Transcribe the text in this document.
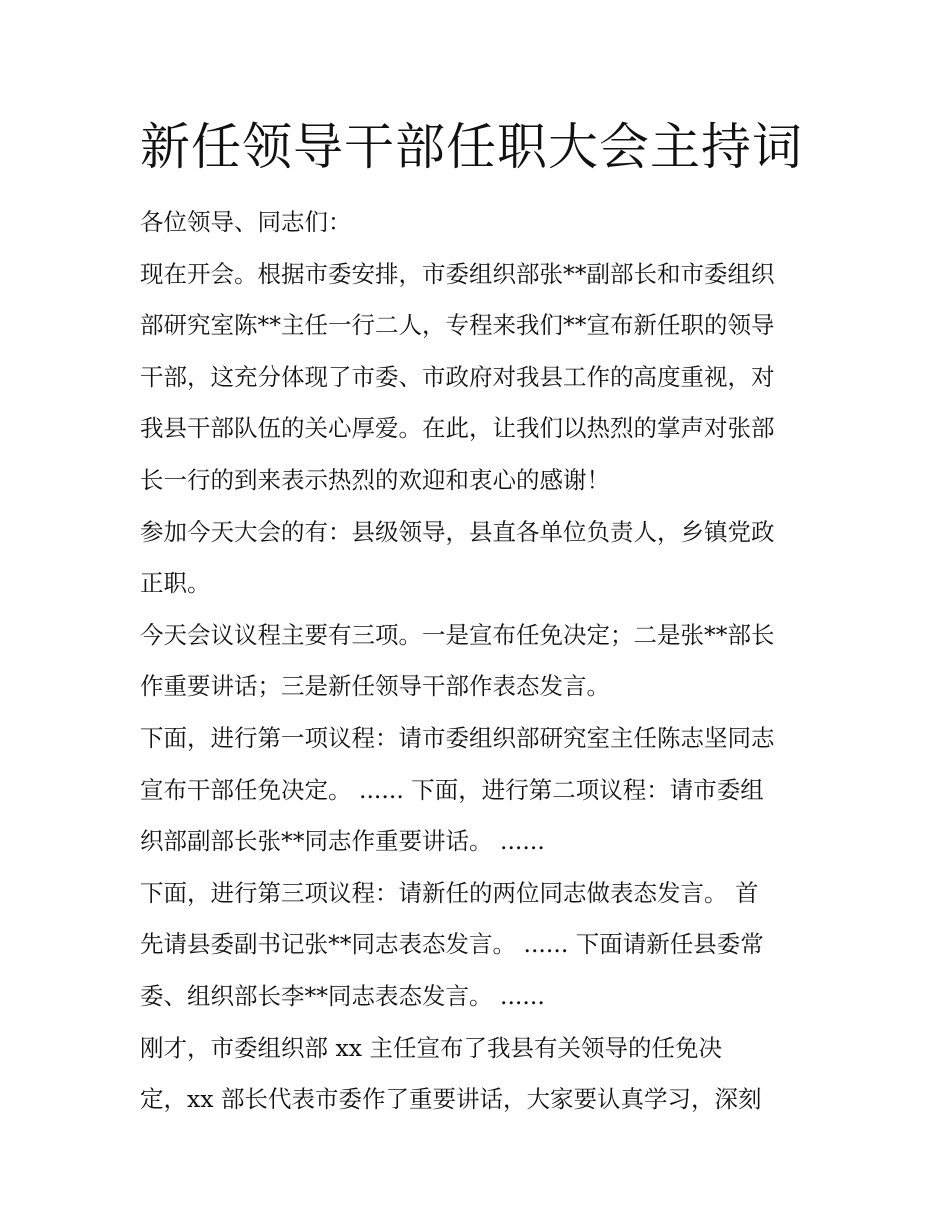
新任领导干部任职大会主持词
各位领导、同志们：
现在开会。根据市委安排，市委组织部张**副部长和市委组织
部研究室陈**主任一行二人，专程来我们**宣布新任职的领导
干部，这充分体现了市委、市政府对我县工作的高度重视，对
我县干部队伍的关心厚爱。在此，让我们以热烈的掌声对张部
长一行的到来表示热烈的欢迎和衷心的感谢！
参加今天大会的有：县级领导，县直各单位负责人，乡镇党政
正职。
今天会议议程主要有三项。一是宣布任免决定；二是张**部长
作重要讲话；三是新任领导干部作表态发言。
下面，进行第一项议程：请市委组织部研究室主任陈志坚同志
宣布干部任免决定。 ...... 下面，进行第二项议程：请市委组
织部副部长张**同志作重要讲话。 ......
下面，进行第三项议程：请新任的两位同志做表态发言。 首
先请县委副书记张**同志表态发言。 ...... 下面请新任县委常
委、组织部长李**同志表态发言。 ......
刚才，市委组织部 xx 主任宣布了我县有关领导的任免决
定，xx 部长代表市委作了重要讲话，大家要认真学习，深刻
